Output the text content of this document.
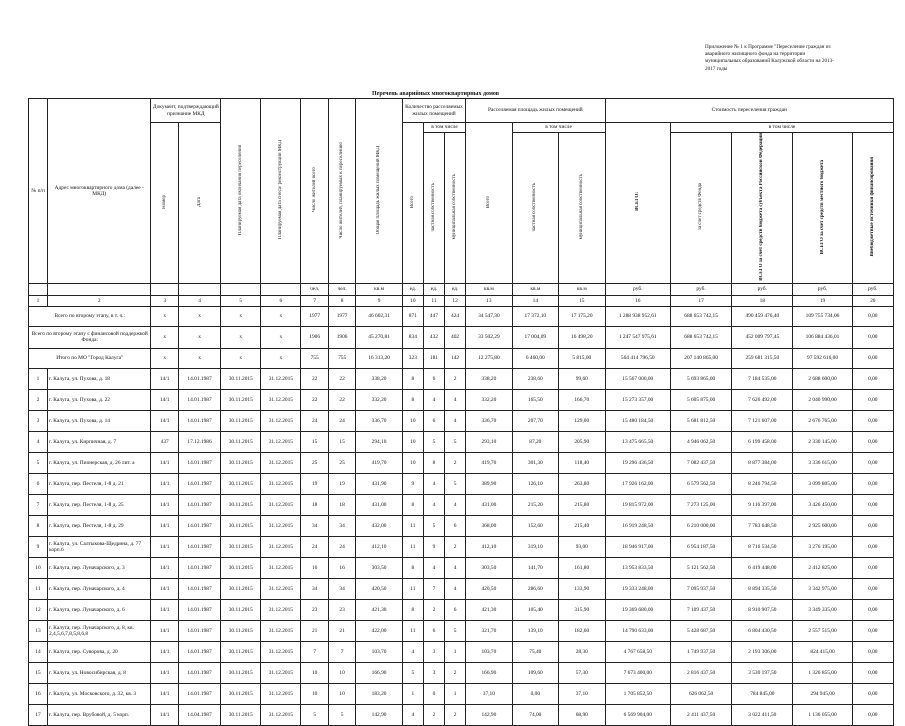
Приложение № 1 к Программе "Переселение граждан из
аварийного жилищного фонда на территории
муниципальных образований Калужской области на 2013-
2017 годы
Перечень аварийных многоквартирных домов
№ п/п	Адрес многоквартирного дома (далее - МКД)	Документ, подтверждающий признание МКД		Планируемая дата окончания переселения	Планируемая дата сноса/ реконструкции МКД	Число жителей всего	Число жителей, планируемых к переселению	Общая площадь жилых помещений МКД	Количество расселяемых жилых помещений			Расселяемая площадь жилых помещений			Стоимость переселения граждан				
		Номер	Дата						Всего	в том числе		Всего	в том числе		ВСЕГО:	в том числе			
										частная собственность	муниципальная собственность		частная собственность	муниципальная собственность		за счет средств Фонда	ВСЕГО за счет средств бюджета субъекта Российской Федерации	ВСЕГО за счет средств местного бюджета	Внебюджетные источники финансирования
						чел.	чел.	кв.м	ед.	ед.	ед.	кв.м	кв.м	кв.м	руб.	руб.	руб.	руб.	руб.
1	2	3	4	5	6	7	8	9	10	11	12	13	14	15	16	17	18	19	20
Всего по второму этапу, в т. ч.:		x	x	x	x	1977	1977	46 602,31	871	447	424	34 547,30	17 372,10	17 175,20	1 288 938 952,61	688 653 742,15	490 459 476,40	109 755 734,06	0,00
Всего по второму этапу с финансовой поддержкой Фонда:		x	x	x	x	1906	1906	45 270,81	834	432	402	33 502,29	17 004,09	16 498,20	1 247 547 975,61	688 653 742,15	452 009 797,45	106 884 436,01	0,00
Итого по МО "Город Калуга"		x	x	x	x	755	755	16 313,20	323	181	142	12 275,80	6 460,00	5 815,00	564 414 796,50	207 140 865,00	259 681 315,50	97 592 616,00	0,00
1	г. Калуга, ул. Пухова, д. 18	14/1	14.01.1987	30.11.2015	31.12.2015	22	22	338,20	8	6	2	338,20	238,60	99,60	15 567 000,00	5 693 865,00	7 184 535,00	2 688 600,00	0,00
2	г. Калуга, ул. Пухова, д. 22	14/1	14.01.1987	30.11.2015	31.12.2015	22	22	332,20	8	4	4	332,20	165,50	166,70	15 273 357,00	5 605 875,00	7 626 492,00	2 040 990,00	0,00
3	г. Калуга, ул. Пухова, д. 14	14/1	14.01.1987	30.11.2015	31.12.2015	24	24	336,70	10	6	4	336,70	207,70	129,00	15 480 184,50	5 681 812,50	7 121 607,00	2 676 765,00	0,00
4	г. Калуга, ул. Кирпичная, д. 7	437	17.12.1986	30.11.2015	31.12.2015	15	15	294,10	10	5	5	293,10	87,20	205,90	13 475 665,50	4 946 062,50	6 199 458,00	2 330 145,00	0,00
5	г. Калуга, ул. Пионерская, д. 26 лит. а	14/1	14.01.1987	30.11.2015	31.12.2015	25	25	419,70	10	8	2	419,70	301,30	118,40	19 296 436,50	7 082 437,50	8 877 384,00	3 336 615,00	0,00
6	г. Калуга, пер. Пестеля, 1-й д. 21	14/1	14.01.1987	30.11.2015	31.12.2015	19	19	431,90	9	4	5	389,90	126,10	263,80	17 926 162,00	6 579 562,50	8 246 794,50	3 099 805,00	0,00
7	г. Калуга, пер. Пестеля, 1-й д. 25	14/1	14.01.1987	30.11.2015	31.12.2015	18	18	431,00	8	4	4	431,00	215,20	215,80	19 815 972,00	7 273 125,00	9 116 397,00	3 426 450,00	0,00
8	г. Калуга, пер. Пестеля, 1-й д. 29	14/1	14.01.1987	30.11.2015	31.12.2015	34	34	432,00	11	5	6	368,00	152,60	215,40	16 919 248,50	6 210 000,00	7 783 648,50	2 925 600,00	0,00
9	г. Калуга, ул. Салтыкова-Щедрина, д. 77 корп.6	14/1	14.01.1987	30.11.2015	31.12.2015	24	24	412,10	11	9	2	412,10	319,10	93,00	18 946 917,00	6 954 187,50	8 716 534,50	3 276 195,00	0,00
10	г. Калуга, пер. Луначарского, д. 3	14/1	14.01.1987	30.11.2015	31.12.2015	16	16	303,50	8	4	4	303,50	141,70	161,80	13 953 833,50	5 121 562,50	6 419 448,00	2 412 825,00	0,00
11	г. Калуга, пер. Луначарского, д. 4	14/1	14.01.1987	30.11.2015	31.12.2015	34	34	420,50	11	7	4	420,50	286,60	133,90	19 333 248,00	7 095 937,50	8 894 335,50	3 342 975,00	0,00
12	г. Калуга, пер. Луначарского, д. 6	14/1	14.01.1987	30.11.2015	31.12.2015	23	23	421,30	8	2	6	421,30	105,40	315,90	19 369 680,00	7 109 437,50	8 910 907,50	3 349 335,00	0,00
13	г. Калуга, пер. Луначарского, д. 8, кв. 2,4,5,6,7,8,5,8,6,8	14/1	14.01.1987	30.11.2015	31.12.2015	21	21	422,00	11	6	5	321,70	139,10	182,60	14 790 633,00	5 428 687,50	6 804 430,50	2 557 515,00	0,00
14	г. Калуга, пер. Суворова, д. 20	14/1	14.01.1987	30.11.2015	31.12.2015	7	7	103,70	4	3	1	103,70	75,40	28,30	4 767 658,50	1 749 937,50	2 193 306,00	824 415,00	0,00
15	г. Калуга, ул. Новосибирская, д. 8	14/1	14.01.1987	30.11.2015	31.12.2015	10	10	166,90	5	3	2	166,90	109,60	57,30	7 673 400,00	2 816 437,50	3 530 197,50	1 326 855,00	0,00
16	г. Калуга, ул. Московского, д. 32, кв. 3	14/1	14.01.1987	30.11.2015	31.12.2015	10	10	183,20	1	0	1	37,10	0,00	37,10	1 705 852,50	626 062,50	784 845,00	294 945,00	0,00
17	г. Калуга, пер. Врубовой, д. 5 корп.	14/1	14.04.1987	30.11.2015	31.12.2015	5	5	142,90	4	2	2	142,90	74,00	68,90	6 569 904,00	2 411 437,50	3 022 411,50	1 136 055,00	0,00
